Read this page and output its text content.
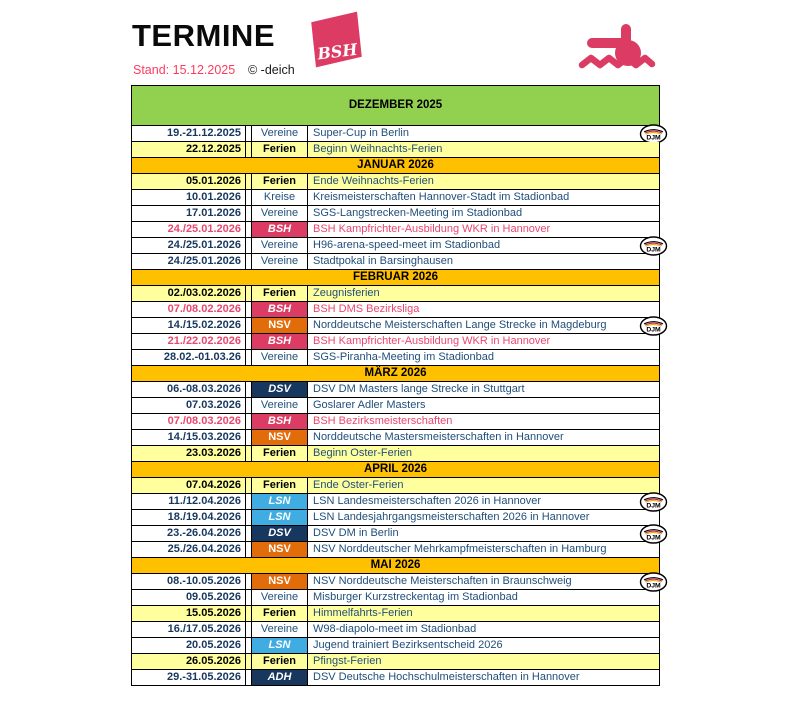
TERMINE
Stand: 15.12.2025 © -deich
BSH
DEZEMBER 2025			
19.-21.12.2025		Vereine	Super-Cup in Berlin DJM

22.12.2025		Ferien	Beginn Weihnachts-Ferien
JANUAR 2026			
05.01.2026		Ferien	Ende Weihnachts-Ferien
10.01.2026		Kreise	Kreismeisterschaften Hannover-Stadt im Stadionbad
17.01.2026		Vereine	SGS-Langstrecken-Meeting im Stadionbad
24./25.01.2026		BSH	BSH Kampfrichter-Ausbildung WKR in Hannover
24./25.01.2026		Vereine	H96-arena-speed-meet im Stadionbad DJM

24./25.01.2026		Vereine	Stadtpokal in Barsinghausen
FEBRUAR 2026			
02./03.02.2026		Ferien	Zeugnisferien
07./08.02.2026		BSH	BSH DMS Bezirksliga
14./15.02.2026		NSV	Norddeutsche Meisterschaften Lange Strecke in Magdeburg DJM

21./22.02.2026		BSH	BSH Kampfrichter-Ausbildung WKR in Hannover
28.02.-01.03.26		Vereine	SGS-Piranha-Meeting im Stadionbad
MÄRZ 2026			
06.-08.03.2026		DSV	DSV DM Masters lange Strecke in Stuttgart
07.03.2026		Vereine	Goslarer Adler Masters
07./08.03.2026		BSH	BSH Bezirksmeisterschaften
14./15.03.2026		NSV	Norddeutsche Mastersmeisterschaften in Hannover
23.03.2026		Ferien	Beginn Oster-Ferien
APRIL 2026			
07.04.2026		Ferien	Ende Oster-Ferien
11./12.04.2026		LSN	LSN Landesmeisterschaften 2026 in Hannover DJM

18./19.04.2026		LSN	LSN Landesjahrgangsmeisterschaften 2026 in Hannover
23.-26.04.2026		DSV	DSV DM in Berlin DJM

25./26.04.2026		NSV	NSV Norddeutscher Mehrkampfmeisterschaften in Hamburg
MAI 2026			
08.-10.05.2026		NSV	NSV Norddeutsche Meisterschaften in Braunschweig DJM

09.05.2026		Vereine	Misburger Kurzstreckentag im Stadionbad
15.05.2026		Ferien	Himmelfahrts-Ferien
16./17.05.2026		Vereine	W98-diapolo-meet im Stadionbad
20.05.2026		LSN	Jugend trainiert Bezirksentscheid 2026
26.05.2026		Ferien	Pfingst-Ferien
29.-31.05.2026		ADH	DSV Deutsche Hochschulmeisterschaften in Hannover
